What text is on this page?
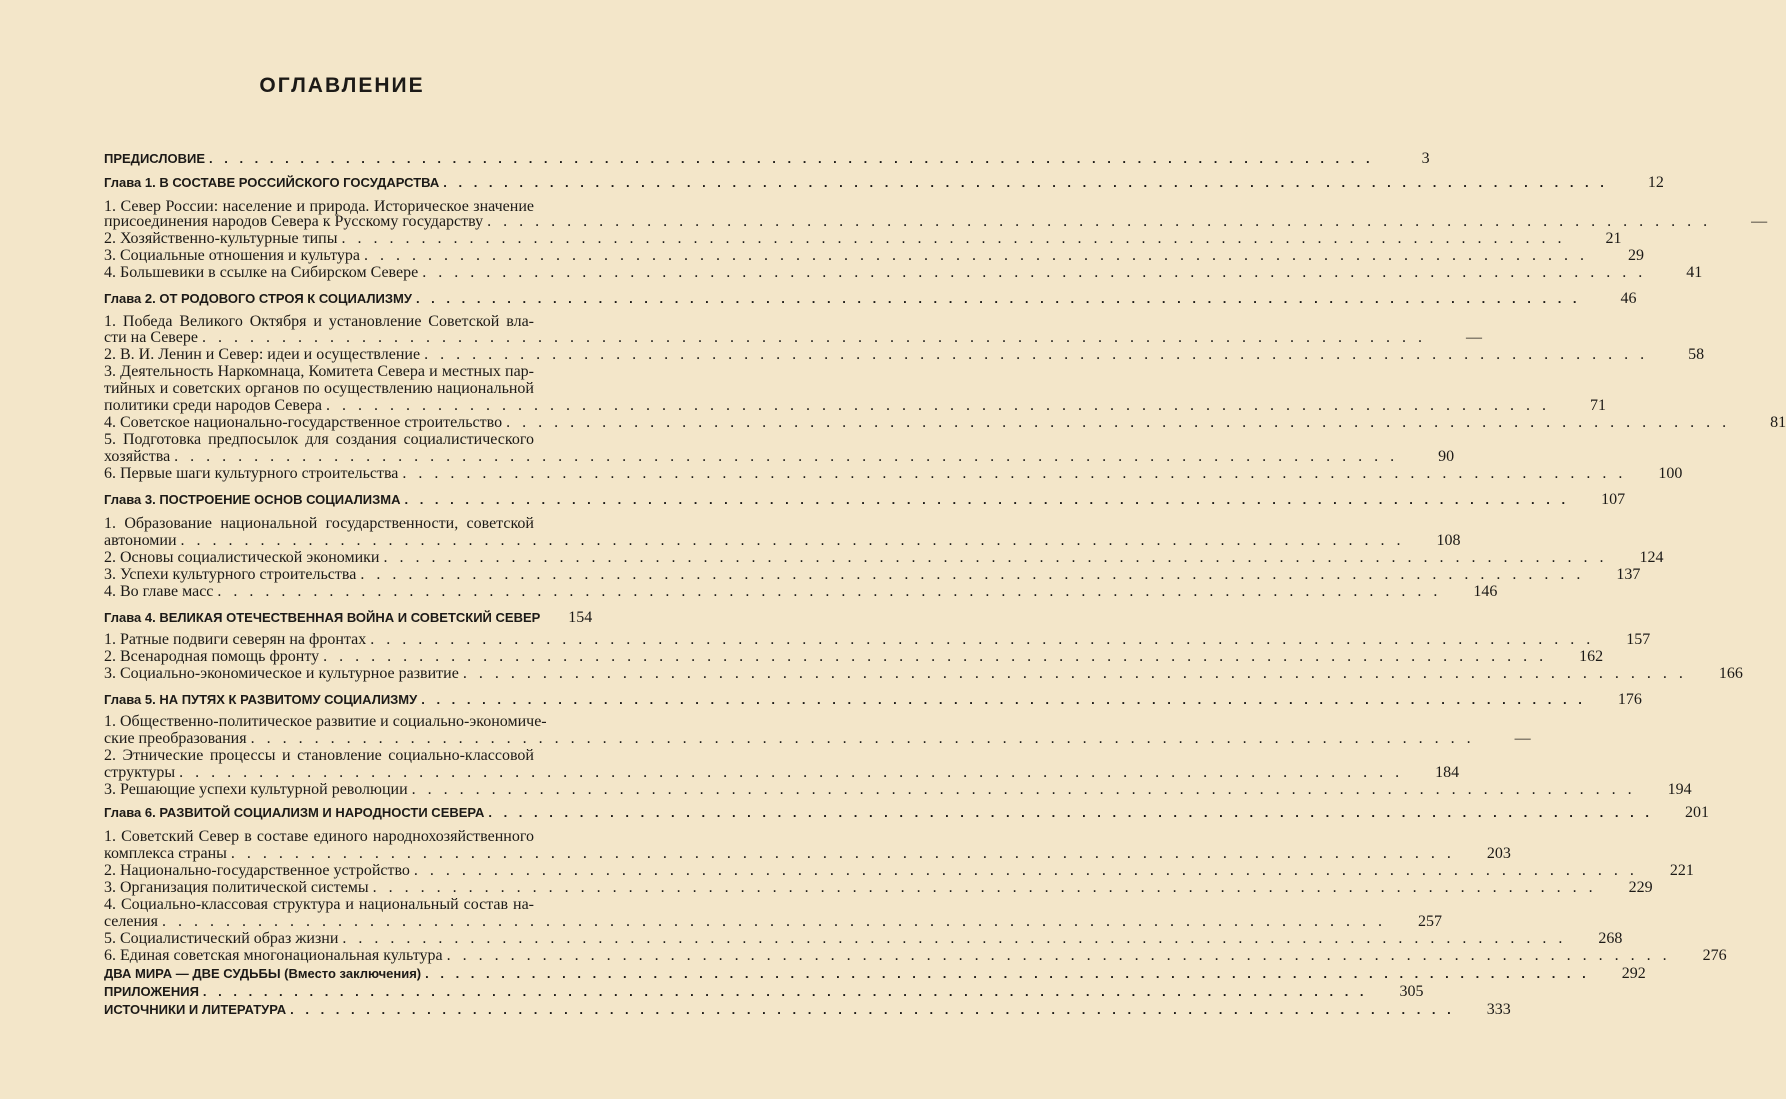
ОГЛАВЛЕНИЕ
ПРЕДИСЛОВИЕ . . .	3
Глава 1. В СОСТАВЕ РОССИЙСКОГО ГОСУДАРСТВА . . .	12
1. Север России: население и природа. Историческое значение
присоединения народов Севера к Русскому государству . . .	—
2. Хозяйственно-культурные типы . . .	21
3. Социальные отношения и культура . . .	29
4. Большевики в ссылке на Сибирском Севере . . .	41
Глава 2. ОТ РОДОВОГО СТРОЯ К СОЦИАЛИЗМУ . . .	46
1. Победа Великого Октября и установление Советской вла-
сти на Севере . . .	—
2. В. И. Ленин и Север: идеи и осуществление . . .	58
3. Деятельность Наркомнаца, Комитета Севера и местных пар-
тийных и советских органов по осуществлению национальной
политики среди народов Севера . . .	71
4. Советское национально-государственное строительство . . .	81
5. Подготовка предпосылок для создания социалистического
хозяйства . . .	90
6. Первые шаги культурного строительства . . .	100
Глава 3. ПОСТРОЕНИЕ ОСНОВ СОЦИАЛИЗМА . . .	107
1. Образование национальной государственности, советской
автономии . . .	108
2. Основы социалистической экономики . . .	124
3. Успехи культурного строительства . . .	137
4. Во главе масс . . .	146
Глава 4. ВЕЛИКАЯ ОТЕЧЕСТВЕННАЯ ВОЙНА И СОВЕТСКИЙ СЕВЕР	154
1. Ратные подвиги северян на фронтах . . .	157
2. Всенародная помощь фронту . . .	162
3. Социально-экономическое и культурное развитие . . .	166
Глава 5. НА ПУТЯХ К РАЗВИТОМУ СОЦИАЛИЗМУ . . .	176
1. Общественно-политическое развитие и социально-экономиче-
ские преобразования . . .	—
2. Этнические процессы и становление социально-классовой
структуры . . .	184
3. Решающие успехи культурной революции . . .	194
Глава 6. РАЗВИТОЙ СОЦИАЛИЗМ И НАРОДНОСТИ СЕВЕРА . . .	201
1. Советский Север в составе единого народнохозяйственного
комплекса страны . . .	203
2. Национально-государственное устройство . . .	221
3. Организация политической системы . . .	229
4. Социально-классовая структура и национальный состав на-
селения . . .	257
5. Социалистический образ жизни . . .	268
6. Единая советская многонациональная культура . . .	276
ДВА МИРА — ДВЕ СУДЬБЫ (Вместо заключения) . . .	292
ПРИЛОЖЕНИЯ . . .	305
ИСТОЧНИКИ И ЛИТЕРАТУРА . . .	333
